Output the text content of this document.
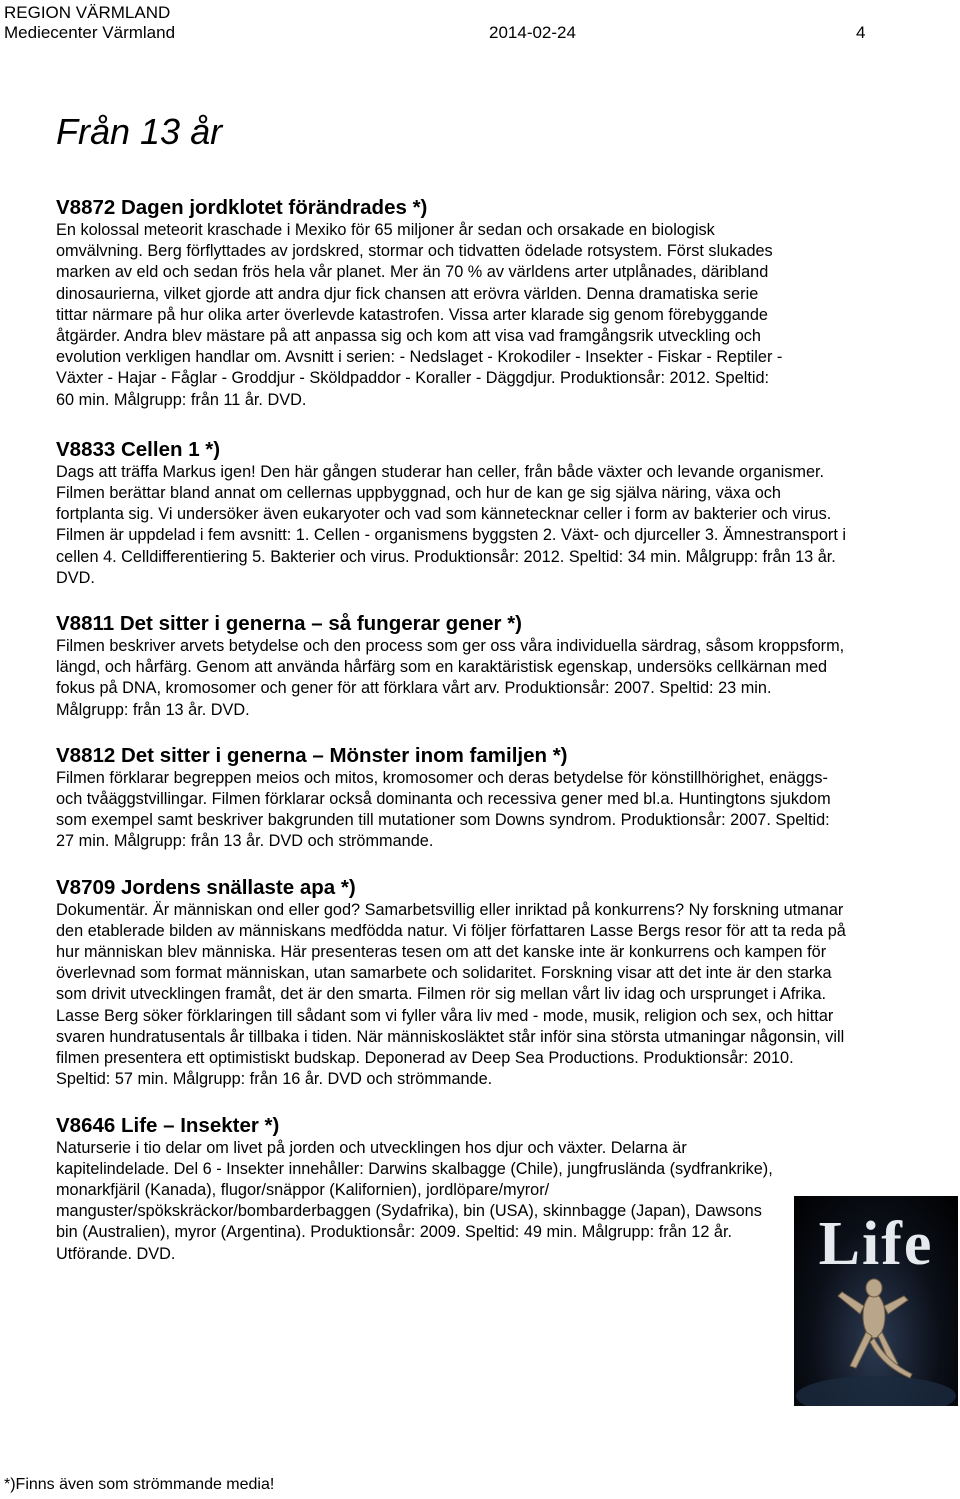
REGION VÄRMLAND
Mediecenter Värmland	2014-02-24	4
Från 13 år
V8872 Dagen jordklotet förändrades *)

En kolossal meteorit kraschade i Mexiko för 65 miljoner år sedan och orsakade en biologisk omvälvning. Berg förflyttades av jordskred, stormar och tidvatten ödelade rotsystem. Först slukades marken av eld och sedan frös hela vår planet. Mer än 70 % av världens arter utplånades, däribland dinosaurierna, vilket gjorde att andra djur fick chansen att erövra världen. Denna dramatiska serie tittar närmare på hur olika arter överlevde katastrofen. Vissa arter klarade sig genom förebyggande åtgärder. Andra blev mästare på att anpassa sig och kom att visa vad framgångsrik utveckling och evolution verkligen handlar om. Avsnitt i serien: - Nedslaget - Krokodiler - Insekter - Fiskar - Reptiler - Växter - Hajar - Fåglar - Groddjur - Sköldpaddor - Koraller - Däggdjur. Produktionsår: 2012. Speltid: 60 min. Målgrupp: från 11 år. DVD.

V8833 Cellen 1 *)

Dags att träffa Markus igen! Den här gången studerar han celler, från både växter och levande organismer. Filmen berättar bland annat om cellernas uppbyggnad, och hur de kan ge sig själva näring, växa och fortplanta sig. Vi undersöker även eukaryoter och vad som kännetecknar celler i form av bakterier och virus. Filmen är uppdelad i fem avsnitt: 1. Cellen - organismens byggsten 2. Växt- och djurceller 3. Ämnestransport i cellen 4. Celldifferentiering 5. Bakterier och virus. Produktionsår: 2012. Speltid: 34 min. Målgrupp: från 13 år. DVD.

V8811 Det sitter i generna – så fungerar gener *)

Filmen beskriver arvets betydelse och den process som ger oss våra individuella särdrag, såsom kroppsform, längd, och hårfärg. Genom att använda hårfärg som en karaktäristisk egenskap, undersöks cellkärnan med fokus på DNA, kromosomer och gener för att förklara vårt arv. Produktionsår: 2007. Speltid: 23 min. Målgrupp: från 13 år. DVD.

V8812 Det sitter i generna – Mönster inom familjen *)

Filmen förklarar begreppen meios och mitos, kromosomer och deras betydelse för könstillhörighet, enäggs- och tvåäggstvillingar. Filmen förklarar också dominanta och recessiva gener med bl.a. Huntingtons sjukdom som exempel samt beskriver bakgrunden till mutationer som Downs syndrom. Produktionsår: 2007. Speltid: 27 min. Målgrupp: från 13 år. DVD och strömmande.

V8709 Jordens snällaste apa *)

Dokumentär. Är människan ond eller god? Samarbetsvillig eller inriktad på konkurrens? Ny forskning utmanar den etablerade bilden av människans medfödda natur. Vi följer författaren Lasse Bergs resor för att ta reda på hur människan blev människa. Här presenteras tesen om att det kanske inte är konkurrens och kampen för överlevnad som format människan, utan samarbete och solidaritet. Forskning visar att det inte är den starka som drivit utvecklingen framåt, det är den smarta. Filmen rör sig mellan vårt liv idag och ursprunget i Afrika. Lasse Berg söker förklaringen till sådant som vi fyller våra liv med - mode, musik, religion och sex, och hittar svaren hundratusentals år tillbaka i tiden. När människosläktet står inför sina största utmaningar någonsin, vill filmen presentera ett optimistiskt budskap. Deponerad av Deep Sea Productions. Produktionsår: 2010. Speltid: 57 min. Målgrupp: från 16 år. DVD och strömmande.

V8646 Life – Insekter *)

Naturserie i tio delar om livet på jorden och utvecklingen hos djur och växter. Delarna är kapitelindelade. Del 6 - Insekter innehåller: Darwins skalbagge (Chile), jungfrusländа (sydfrankrike), monarkfjäril (Kanada), flugor/snäppor (Kalifornien), jordlöpare/myror/ manguster/spökskräckor/bombarderbaggen (Sydafrika), bin (USA), skinnbagge (Japan), Dawsons bin (Australien), myror (Argentina). Produktionsår: 2009. Speltid: 49 min. Målgrupp: från 12 år. Utförande. DVD.	Life
*)Finns även som strömmande media!
